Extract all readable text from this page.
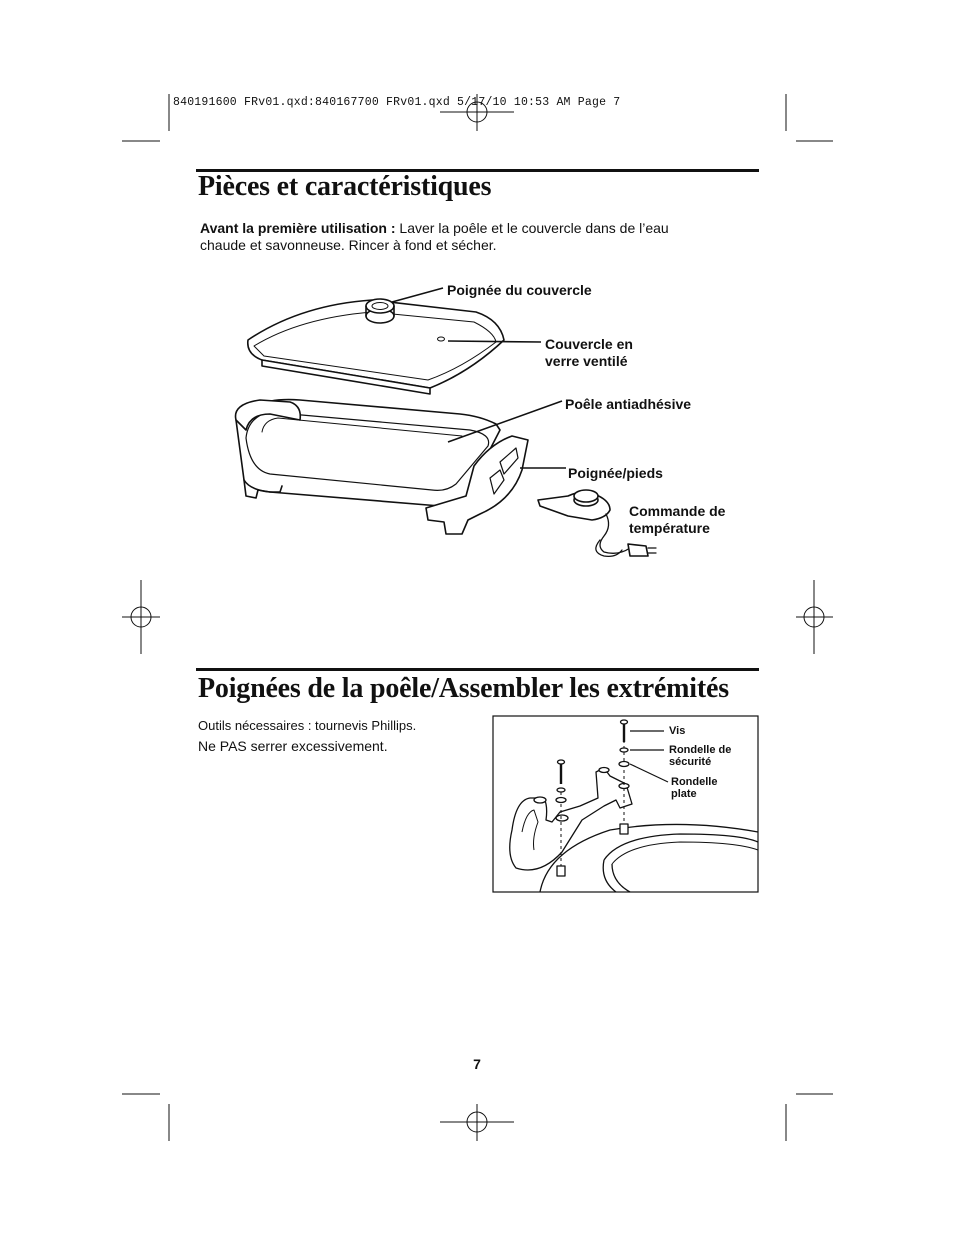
840191600 FRv01.qxd:840167700 FRv01.qxd 5/17/10 10:53 AM Page 7
Pièces et caractéristiques
Avant la première utilisation : Laver la poêle et le couvercle dans de l’eau
chaude et savonneuse. Rincer à fond et sécher.
Poignée du couvercle
Couvercle en
verre ventilé
Poêle antiadhésive
Poignée/pieds
Commande de
température
Poignées de la poêle/Assembler les extrémités
Outils nécessaires : tournevis Phillips.
Ne PAS serrer excessivement.
Vis
Rondelle de
sécurité
Rondelle
plate
7
